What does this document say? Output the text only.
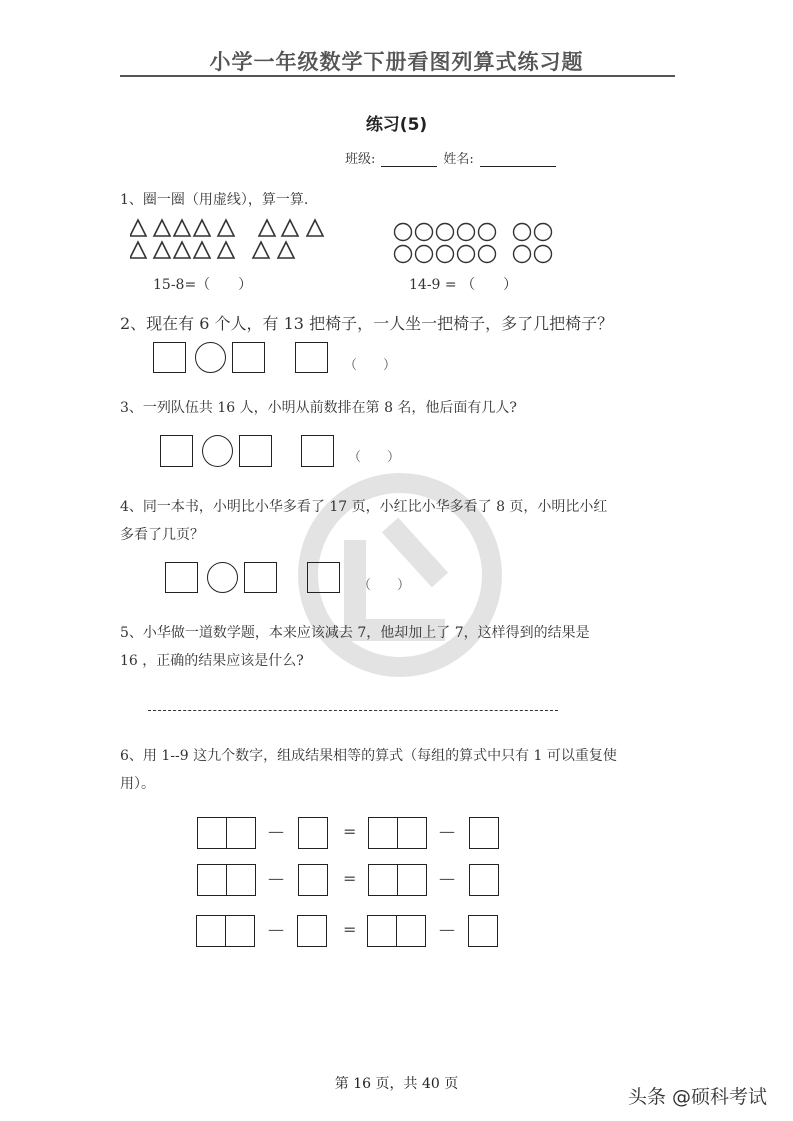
小学一年级数学下册看图列算式练习题
练习(5)
班级:	姓名:
1、圈一圈（用虚线），算一算.
15-8=（　　）	14-9 = （　　）
2、现在有 6 个人，有 13 把椅子，一人坐一把椅子，多了几把椅子？
（　　）
3、一列队伍共 16 人，小明从前数排在第 8 名，他后面有几人?
（　　）
4、同一本书，小明比小华多看了 17 页，小红比小华多看了 8 页，小明比小红
多看了几页？
（　　）
5、小华做一道数学题，本来应该减去 7，他却加上了 7，这样得到的结果是
16 ，正确的结果应该是什么?
6、用 1--9 这九个数字，组成结果相等的算式（每组的算式中只有 1 可以重复使
用）。
—	=	—
—	=	—
—	=	—
第 16 页，共 40 页
头条 @硕科考试
